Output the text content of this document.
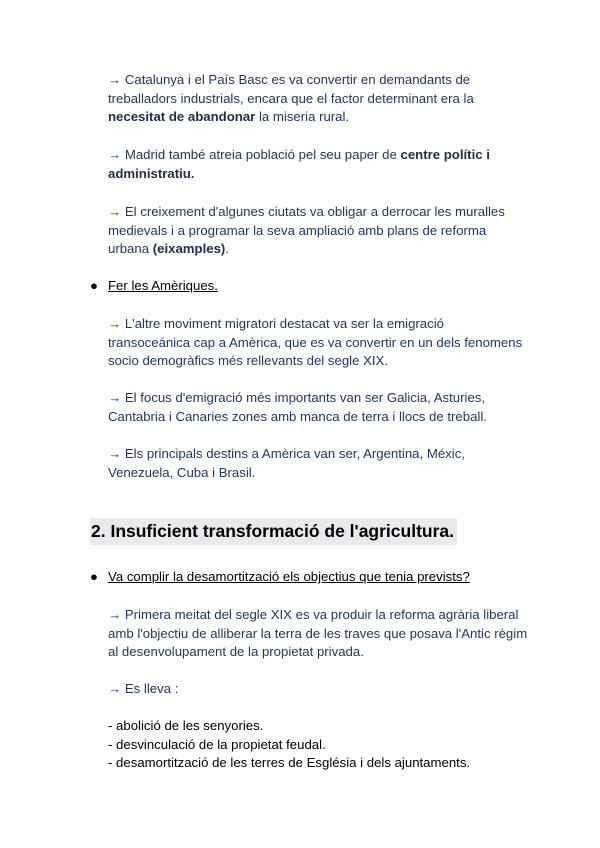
→ Catalunya i el País Basc es va convertir en demandants de treballadors industrials, encara que el factor determinant era la necesitat de abandonar la miseria rural.

→ Madrid també atreia població pel seu paper de centre polític i administratiu.

→ El creixement d'algunes ciutats va obligar a derrocar les muralles medievals i a programar la seva ampliació amb plans de reforma urbana (eixamples).

● Fer les Amèriques.

→ L'altre moviment migratori destacat va ser la emigració transoceánica cap a Amèrica, que es va convertir en un dels fenomens socio demogràfics més rellevants del segle XIX.

→ El focus d'emigració més importants van ser Galicia, Asturies, Cantabria i Canaries zones amb manca de terra i llocs de treball.

→ Els principals destins a Amèrica van ser, Argentina, Méxic, Venezuela, Cuba i Brasil.

2. Insuficient transformació de l'agricultura.
● Va complir la desamortització els objectius que tenia prevists?

→ Primera meitat del segle XIX es va produir la reforma agrària liberal amb l'objectiu de alliberar la terra de les traves que posava l'Antic règim al desenvolupament de la propietat privada.

→ Es lleva :

- abolició de les senyories.
- desvinculació de la propietat feudal.
- desamortització de les terres de Església i dels ajuntaments.
